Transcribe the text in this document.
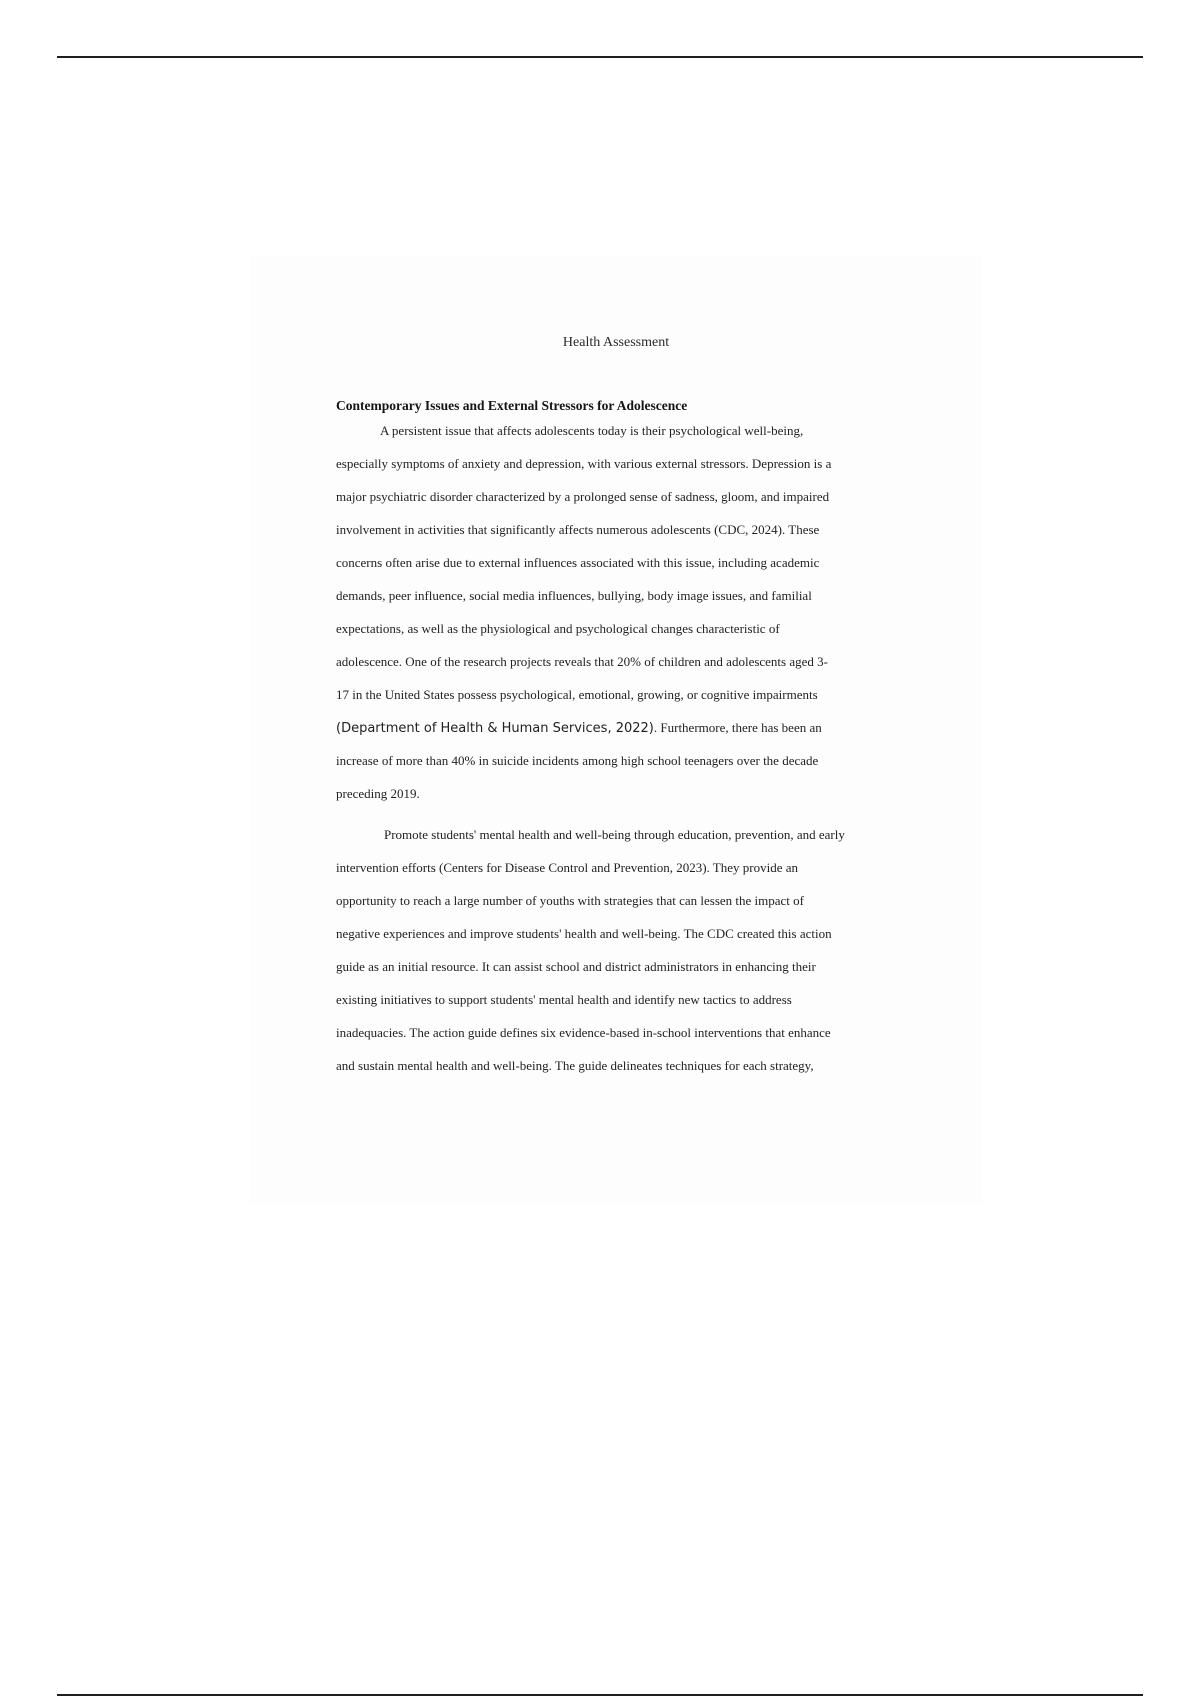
Health Assessment
Contemporary Issues and External Stressors for Adolescence
A persistent issue that affects adolescents today is their psychological well-being,
especially symptoms of anxiety and depression, with various external stressors. Depression is a
major psychiatric disorder characterized by a prolonged sense of sadness, gloom, and impaired
involvement in activities that significantly affects numerous adolescents (CDC, 2024). These
concerns often arise due to external influences associated with this issue, including academic
demands, peer influence, social media influences, bullying, body image issues, and familial
expectations, as well as the physiological and psychological changes characteristic of
adolescence. One of the research projects reveals that 20% of children and adolescents aged 3-
17 in the United States possess psychological, emotional, growing, or cognitive impairments
(Department of Health & Human Services, 2022). Furthermore, there has been an
increase of more than 40% in suicide incidents among high school teenagers over the decade
preceding 2019.
Promote students' mental health and well-being through education, prevention, and early
intervention efforts (Centers for Disease Control and Prevention, 2023). They provide an
opportunity to reach a large number of youths with strategies that can lessen the impact of
negative experiences and improve students' health and well-being. The CDC created this action
guide as an initial resource. It can assist school and district administrators in enhancing their
existing initiatives to support students' mental health and identify new tactics to address
inadequacies. The action guide defines six evidence-based in-school interventions that enhance
and sustain mental health and well-being. The guide delineates techniques for each strategy,
